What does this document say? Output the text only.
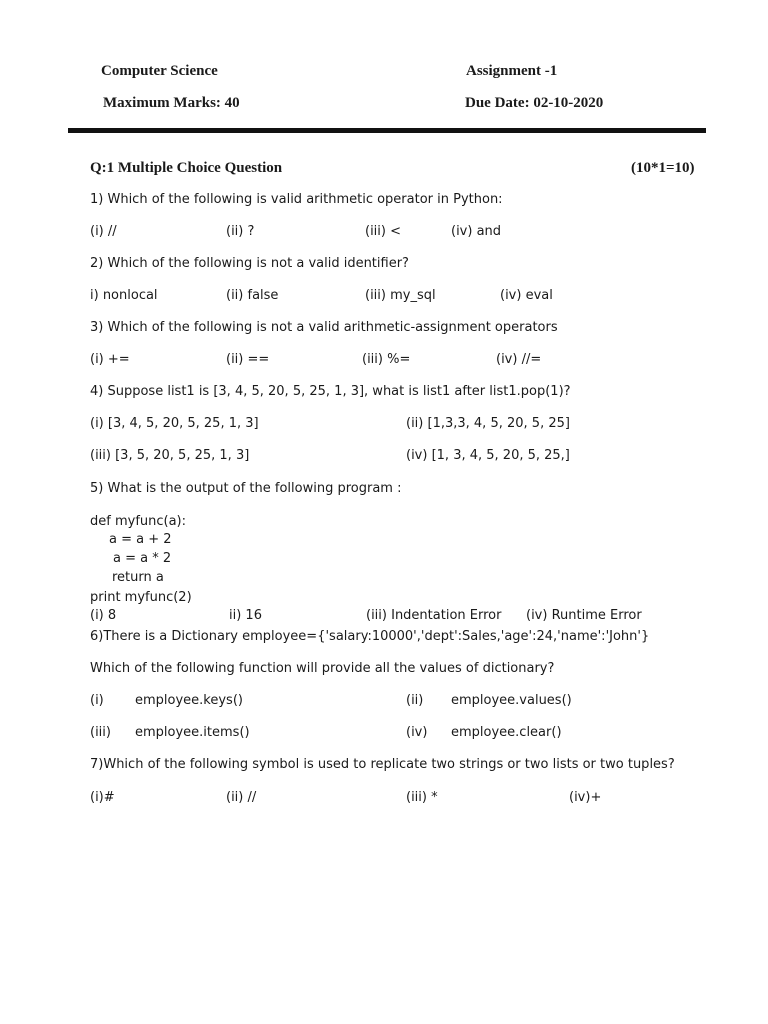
Computer Science	Assignment -1
Maximum Marks: 40	Due Date: 02-10-2020
Q:1 Multiple Choice Question	(10*1=10)
1) Which of the following is valid arithmetic operator in Python:
(i) //	(ii) ?	(iii) <	(iv) and
2) Which of the following is not a valid identifier?
i) nonlocal	(ii) false	(iii) my_sql	(iv) eval
3) Which of the following is not a valid arithmetic-assignment operators
(i) +=	(ii) ==	(iii) %=	(iv) //=
4) Suppose list1 is [3, 4, 5, 20, 5, 25, 1, 3], what is list1 after list1.pop(1)?
(i) [3, 4, 5, 20, 5, 25, 1, 3]	(ii) [1,3,3, 4, 5, 20, 5, 25]
(iii) [3, 5, 20, 5, 25, 1, 3]	(iv) [1, 3, 4, 5, 20, 5, 25,]
5) What is the output of the following program :
def myfunc(a):
a = a + 2
a = a * 2
return a
print myfunc(2)
(i) 8	ii) 16	(iii) Indentation Error (iv) Runtime Error
6)There is a Dictionary employee={'salary:10000','dept':Sales,'age':24,'name':'John'}
Which of the following function will provide all the values of dictionary?
(i) employee.keys()	(ii) employee.values()
(iii) employee.items()	(iv) employee.clear()
7)Which of the following symbol is used to replicate two strings or two lists or two tuples?
(i)#	(ii) //	(iii) *	(iv)+
